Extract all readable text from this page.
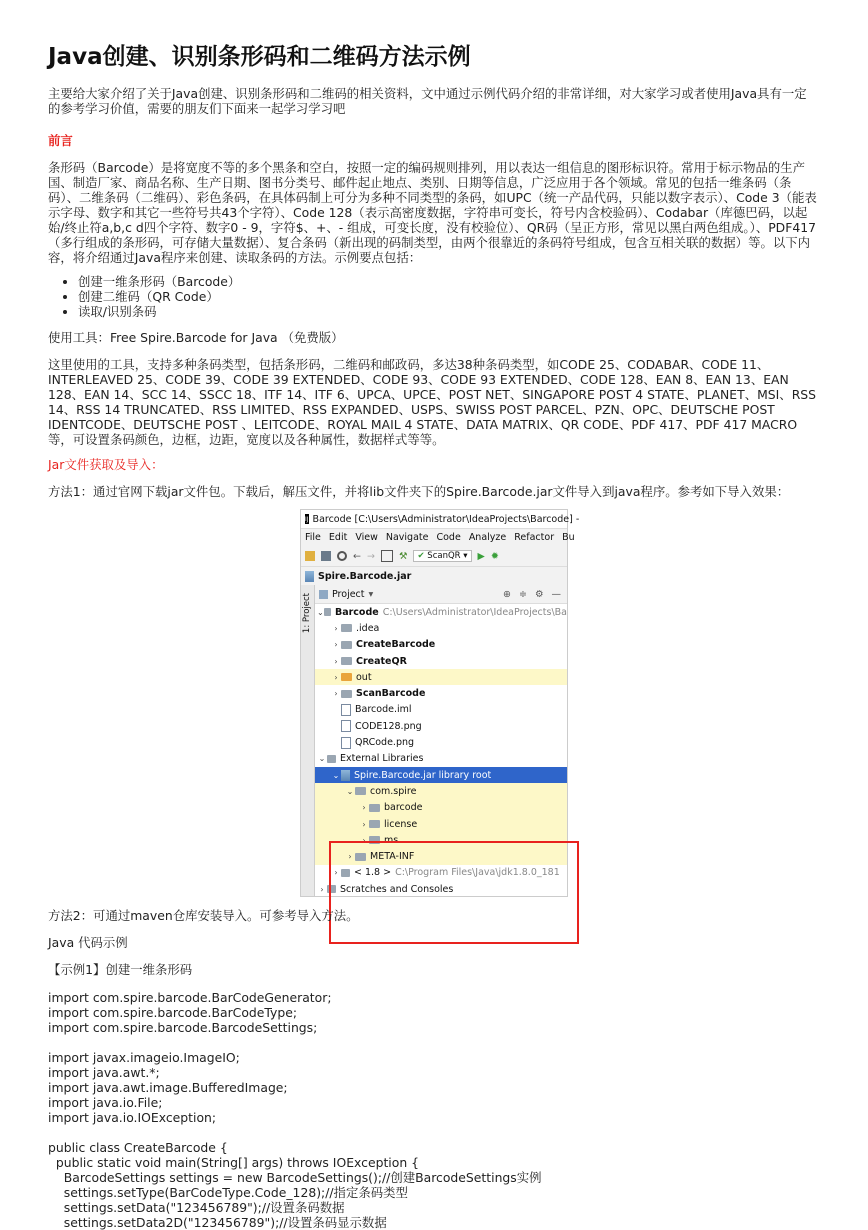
Java创建、识别条形码和二维码方法示例

主要给大家介绍了关于Java创建、识别条形码和二维码的相关资料，文中通过示例代码介绍的非常详细，对大家学习或者使用Java具有一定的参考学习价值，需要的朋友们下面来一起学习学习吧

前言

条形码（Barcode）是将宽度不等的多个黑条和空白，按照一定的编码规则排列，用以表达一组信息的图形标识符。常用于标示物品的生产国、制造厂家、商品名称、生产日期、图书分类号、邮件起止地点、类别、日期等信息，广泛应用于各个领域。常见的包括一维条码（条码）、二维条码（二维码）、彩色条码，在具体码制上可分为多种不同类型的条码，如UPC（统一产品代码，只能以数字表示）、Code 3（能表示字母、数字和其它一些符号共43个字符）、Code 128（表示高密度数据，字符串可变长，符号内含校验码）、Codabar（库德巴码，以起始/终止符a,b,c d四个字符、数字0 - 9，字符$、+、- 组成，可变长度，没有校验位）、QR码（呈正方形，常见以黑白两色组成。）、PDF417（多行组成的条形码，可存储大量数据）、复合条码（新出现的码制类型，由两个很靠近的条码符号组成，包含互相关联的数据）等。以下内容，将介绍通过Java程序来创建、读取条码的方法。示例要点包括：

• 创建一维条形码（Barcode）
• 创建二维码（QR Code）
• 读取/识别条码

使用工具：Free Spire.Barcode for Java （免费版）

这里使用的工具，支持多种条码类型，包括条形码，二维码和邮政码，多达38种条码类型，如CODE 25、CODABAR、CODE 11、INTERLEAVED 25、CODE 39、CODE 39 EXTENDED、CODE 93、CODE 93 EXTENDED、CODE 128、EAN 8、EAN 13、EAN 128、EAN 14、SCC 14、SSCC 18、ITF 14、ITF 6、UPCA、UPCE、POST NET、SINGAPORE POST 4 STATE、PLANET、MSI、RSS 14、RSS 14 TRUNCATED、RSS LIMITED、RSS EXPANDED、USPS、SWISS POST PARCEL、PZN、OPC、DEUTSCHE POST IDENTCODE、DEUTSCHE POST 、LEITCODE、ROYAL MAIL 4 STATE、DATA MATRIX、QR CODE、PDF 417、PDF 417 MACRO等，可设置条码颜色，边框，边距，宽度以及各种属性，数据样式等等。

Jar文件获取及导入：

方法1：通过官网下载jar文件包。下载后，解压文件，并将lib文件夹下的Spire.Barcode.jar文件导入到java程序。参考如下导入效果：

IJ Barcode [C:\Users\Administrator\IdeaProjects\Barcode] -
File Edit View Navigate Code Analyze Refactor Bu
← →	⚒	✔ ScanQR ▾	▶ ✹
Spire.Barcode.jar
1: Project Project ▾	⊕ ≑ ⚙ —
⌄ Barcode C:\Users\Administrator\IdeaProjects\Ba
›	.idea
›	CreateBarcode
›	CreateQR
›	out
›	ScanBarcode
Barcode.iml
CODE128.png
QRCode.png
⌄ External Libraries
⌄ Spire.Barcode.jar library root
⌄ com.spire
›	barcode
›	license
›	ms
›	META-INF
›	< 1.8 > C:\Program Files\Java\jdk1.8.0_181
›	Scratches and Consoles

方法2：可通过maven仓库安装导入。可参考导入方法。

Java 代码示例

【示例1】创建一维条形码

import com.spire.barcode.BarCodeGenerator;
import com.spire.barcode.BarCodeType;
import com.spire.barcode.BarcodeSettings;

import javax.imageio.ImageIO;
import java.awt.*;
import java.awt.image.BufferedImage;
import java.io.File;
import java.io.IOException;

public class CreateBarcode {
public static void main(String[] args) throws IOException {
BarcodeSettings settings = new BarcodeSettings();//创建BarcodeSettings实例
settings.setType(BarCodeType.Code_128);//指定条码类型
settings.setData("123456789");//设置条码数据
settings.setData2D("123456789");//设置条码显示数据
